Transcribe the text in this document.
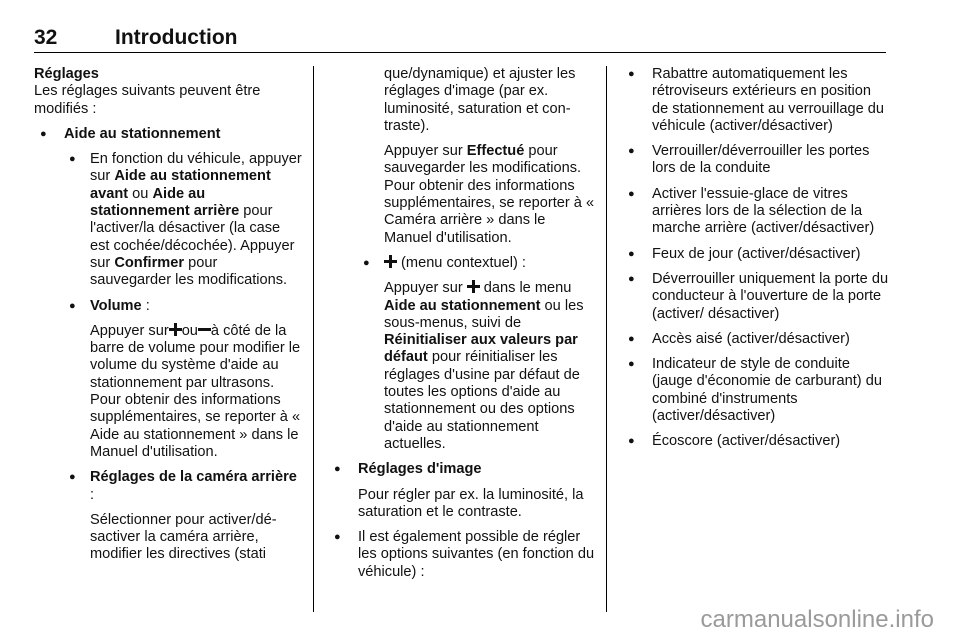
32	Introduction

Réglages

Les réglages suivants peuvent être modifiés :

● Aide au stationnement

● En fonction du véhicule, appuyer sur Aide au stationnement avant ou Aide au stationnement arrière pour l'activer/la désactiver (la case est cochée/décochée). Appuyer sur Confirmer pour sauvegarder les modifications.

● Volume :

Appuyer sur ou à côté de la barre de volume pour modifier le volume du système d'aide au stationnement par ultrasons. Pour obtenir des informations supplémentaires, se reporter à « Aide au stationnement » dans le Manuel d'utilisation.

● Réglages de la caméra arrière :

Sélectionner pour activer/désactiver la caméra arrière, modifier les directives (stati

que/dynamique) et ajuster les réglages d'image (par ex. luminosité, saturation et contraste).

Appuyer sur Effectué pour sauvegarder les modifications. Pour obtenir des informations supplémentaires, se reporter à « Caméra arrière » dans le Manuel d'utilisation.

● (menu contextuel) :

Appuyer sur dans le menu Aide au stationnement ou les sous-menus, suivi de Réinitialiser aux valeurs par défaut pour réinitialiser les réglages d'usine par défaut de toutes les options d'aide au stationnement ou des options d'aide au stationnement actuelles.

● Réglages d'image

Pour régler par ex. la luminosité, la saturation et le contraste.

● Il est également possible de régler les options suivantes (en fonction du véhicule) :

● Rabattre automatiquement les rétroviseurs extérieurs en position de stationnement au verrouillage du véhicule (activer/désactiver)

● Verrouiller/déverrouiller les portes lors de la conduite

● Activer l'essuie-glace de vitres arrières lors de la sélection de la marche arrière (activer/désactiver)

● Feux de jour (activer/désactiver)

● Déverrouiller uniquement la porte du conducteur à l'ouverture de la porte (activer/ désactiver)

● Accès aisé (activer/désactiver)

● Indicateur de style de conduite (jauge d'économie de carburant) du combiné d'instruments (activer/désactiver)

● Écoscore (activer/désactiver)

carmanualsonline.info
